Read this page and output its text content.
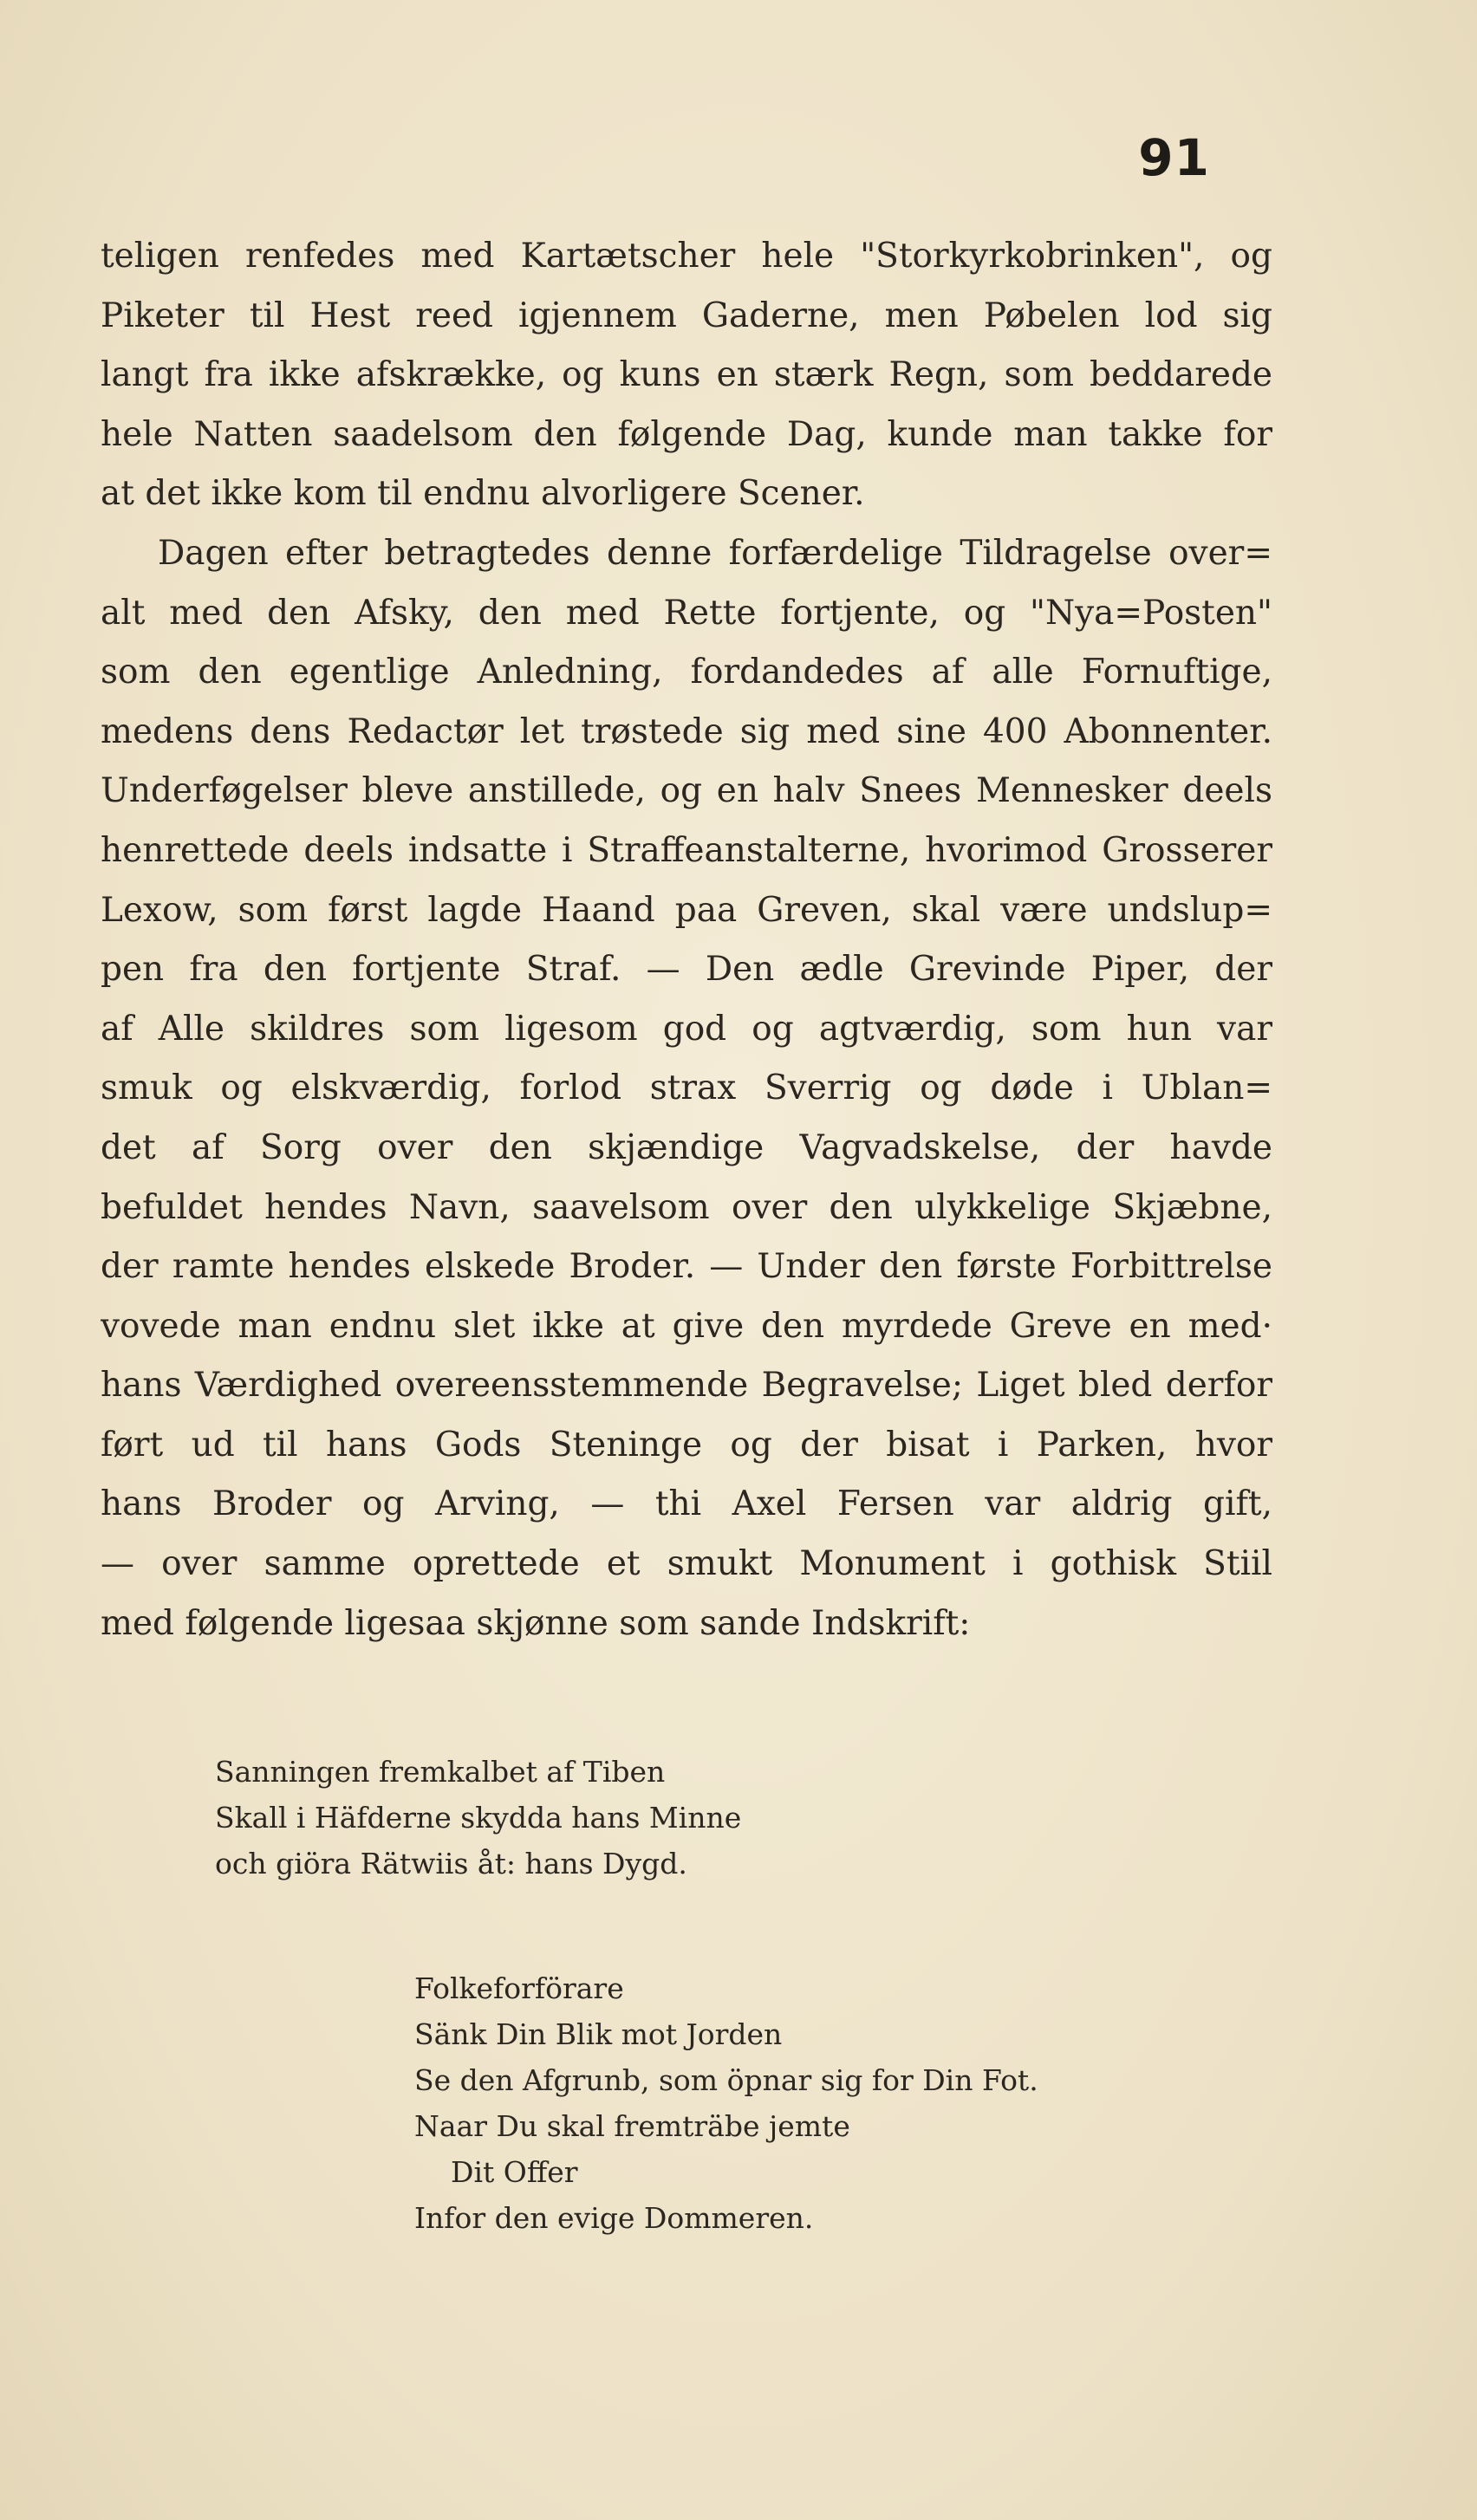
91
teligen renfedes med Kartætscher hele "Storkyrkobrinken", og
Piketer til Hest reed igjennem Gaderne, men Pøbelen lod sig
langt fra ikke afskrække, og kuns en stærk Regn, som beddarede
hele Natten saadelsom den følgende Dag, kunde man takke for
at det ikke kom til endnu alvorligere Scener.
Dagen efter betragtedes denne forfærdelige Tildragelse over=
alt med den Afsky, den med Rette fortjente, og "Nya=Posten"
som den egentlige Anledning, fordandedes af alle Fornuftige,
medens dens Redactør let trøstede sig med sine 400 Abonnenter.
Underføgelser bleve anstillede, og en halv Snees Mennesker deels
henrettede deels indsatte i Straffeanstalterne, hvorimod Grosserer
Lexow, som først lagde Haand paa Greven, skal være undslup=
pen fra den fortjente Straf. — Den ædle Grevinde Piper, der
af Alle skildres som ligesom god og agtværdig, som hun var
smuk og elskværdig, forlod strax Sverrig og døde i Ublan=
det af Sorg over den skjændige Vagvadskelse, der havde
befuldet hendes Navn, saavelsom over den ulykkelige Skjæbne,
der ramte hendes elskede Broder. — Under den første Forbittrelse
vovede man endnu slet ikke at give den myrdede Greve en med·
hans Værdighed overeensstemmende Begravelse; Liget bled derfor
ført ud til hans Gods Steninge og der bisat i Parken, hvor
hans Broder og Arving, — thi Axel Fersen var aldrig gift,
— over samme oprettede et smukt Monument i gothisk Stiil
med følgende ligesaa skjønne som sande Indskrift:
Sanningen fremkalbet af Tiben
Skall i Häfderne skydda hans Minne
och giöra Rätwiis åt: hans Dygd.
Folkeforförare
Sänk Din Blik mot Jorden
Se den Afgrunb, som öpnar sig for Din Fot.
Naar Du skal fremträbe jemte
Dit Offer
Infor den evige Dommeren.
